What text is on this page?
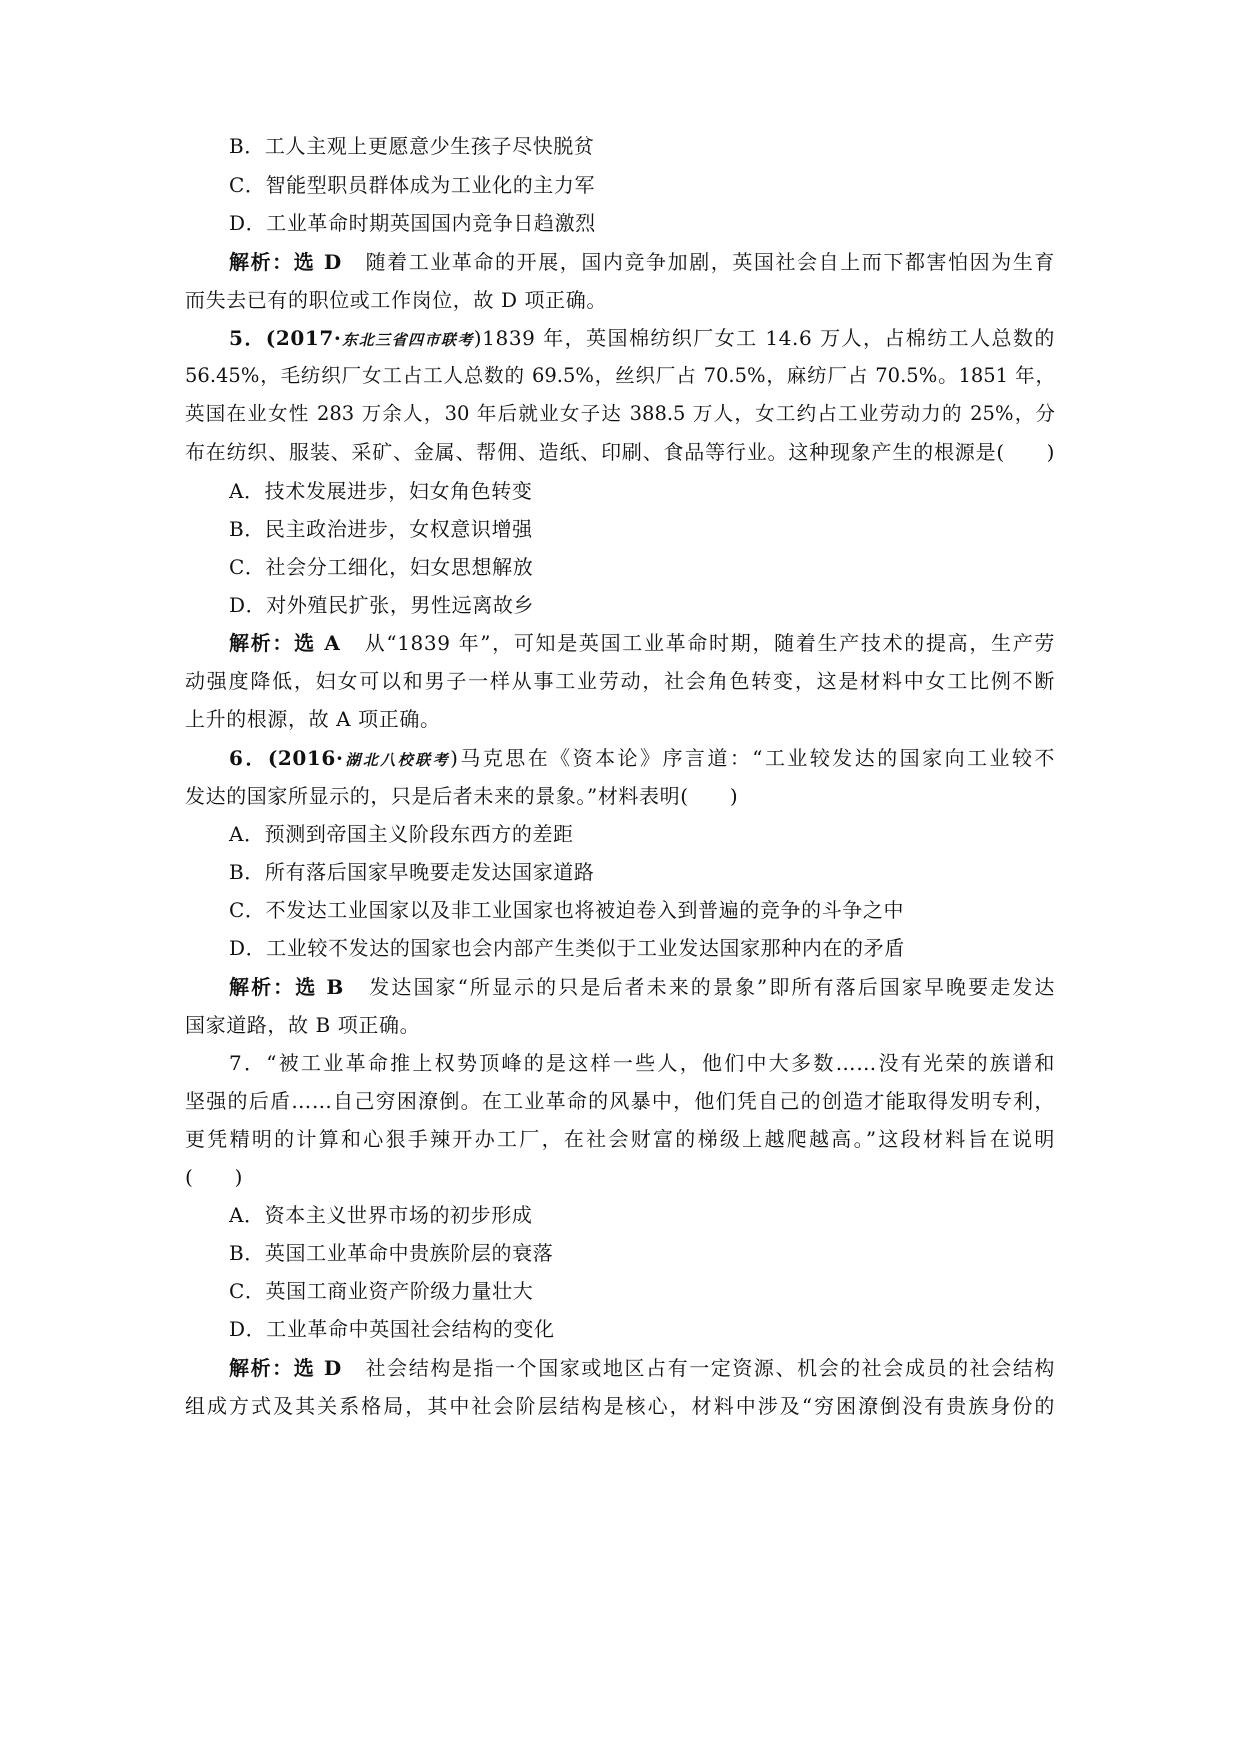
B．工人主观上更愿意少生孩子尽快脱贫
C．智能型职员群体成为工业化的主力军
D．工业革命时期英国国内竞争日趋激烈
解析：选 D 随着工业革命的开展，国内竞争加剧，英国社会自上而下都害怕因为生育
而失去已有的职位或工作岗位，故 D 项正确。
5．(2017·东北三省四市联考)1839 年，英国棉纺织厂女工 14.6 万人，占棉纺工人总数的
56.45%，毛纺织厂女工占工人总数的 69.5%，丝织厂占 70.5%，麻纺厂占 70.5%。1851 年，
英国在业女性 283 万余人，30 年后就业女子达 388.5 万人，女工约占工业劳动力的 25%，分
布在纺织、服装、采矿、金属、帮佣、造纸、印刷、食品等行业。这种现象产生的根源是(　　)
A．技术发展进步，妇女角色转变
B．民主政治进步，女权意识增强
C．社会分工细化，妇女思想解放
D．对外殖民扩张，男性远离故乡
解析：选 A 从“1839 年”，可知是英国工业革命时期，随着生产技术的提高，生产劳
动强度降低，妇女可以和男子一样从事工业劳动，社会角色转变，这是材料中女工比例不断
上升的根源，故 A 项正确。
6．(2016·湖北八校联考)马克思在《资本论》序言道：“工业较发达的国家向工业较不
发达的国家所显示的，只是后者未来的景象。”材料表明(　　)
A．预测到帝国主义阶段东西方的差距
B．所有落后国家早晚要走发达国家道路
C．不发达工业国家以及非工业国家也将被迫卷入到普遍的竞争的斗争之中
D．工业较不发达的国家也会内部产生类似于工业发达国家那种内在的矛盾
解析：选 B 发达国家“所显示的只是后者未来的景象”即所有落后国家早晚要走发达
国家道路，故 B 项正确。
7．“被工业革命推上权势顶峰的是这样一些人，他们中大多数……没有光荣的族谱和
坚强的后盾……自己穷困潦倒。在工业革命的风暴中，他们凭自己的创造才能取得发明专利，
更凭精明的计算和心狠手辣开办工厂，在社会财富的梯级上越爬越高。”这段材料旨在说明
(　　)
A．资本主义世界市场的初步形成
B．英国工业革命中贵族阶层的衰落
C．英国工商业资产阶级力量壮大
D．工业革命中英国社会结构的变化
解析：选 D 社会结构是指一个国家或地区占有一定资源、机会的社会成员的社会结构
组成方式及其关系格局，其中社会阶层结构是核心，材料中涉及“穷困潦倒没有贵族身份的
